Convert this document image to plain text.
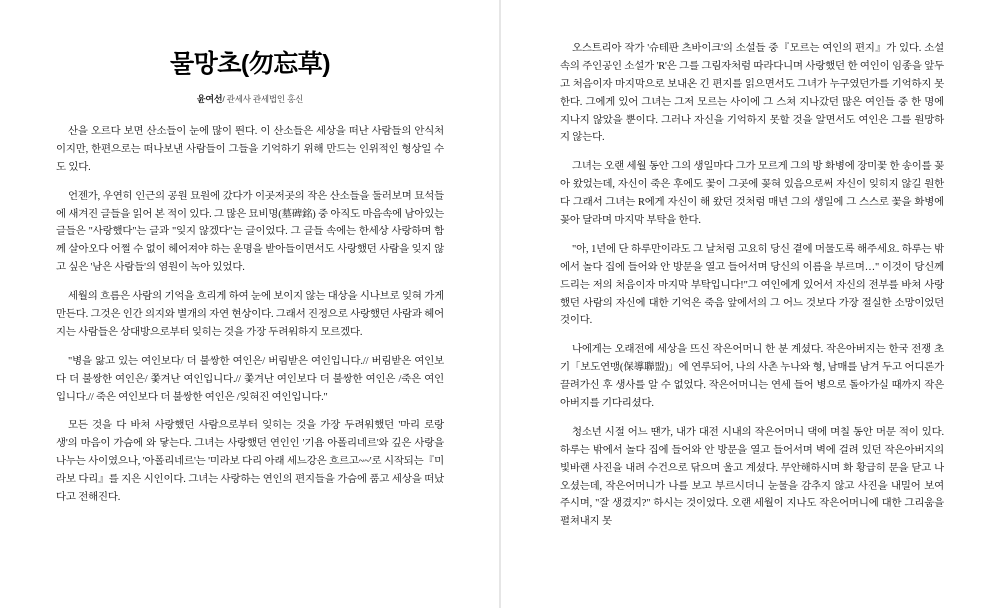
물망초(勿忘草)
윤여선/ 관세사 관세법인 홍신

산을 오르다 보면 산소들이 눈에 많이 띈다. 이 산소들은 세상을 떠난 사람들의 안식처이지만, 한편으로는 떠나보낸 사람들이 그들을 기억하기 위해 만드는 인위적인 형상일 수도 있다.

언젠가, 우연히 인근의 공원 묘원에 갔다가 이곳저곳의 작은 산소들을 둘러보며 묘석들에 새겨진 글들을 읽어 본 적이 있다. 그 많은 묘비명(墓碑銘) 중 아직도 마음속에 남아있는 글들은 "사랑했다"는 글과 "잊지 않겠다"는 글이었다. 그 글들 속에는 한세상 사랑하며 함께 살아오다 어쩔 수 없이 헤어져야 하는 운명을 받아들이면서도 사랑했던 사람을 잊지 않고 싶은 '남은 사람들'의 염원이 녹아 있었다.

세월의 흐름은 사람의 기억을 흐리게 하여 눈에 보이지 않는 대상을 시나브로 잊혀 가게 만든다. 그것은 인간 의지와 별개의 자연 현상이다. 그래서 진정으로 사랑했던 사람과 헤어지는 사람들은 상대방으로부터 잊히는 것을 가장 두려워하지 모르겠다.

"병을 앓고 있는 여인보다/ 더 불쌍한 여인은/ 버림받은 여인입니다.// 버림받은 여인보다 더 불쌍한 여인은/ 쫓겨난 여인입니다.// 쫓겨난 여인보다 더 불쌍한 여인은 /죽은 여인입니다.// 죽은 여인보다 더 불쌍한 여인은 /잊혀진 여인입니다."

모든 것을 다 바쳐 사랑했던 사람으로부터 잊히는 것을 가장 두려워했던 '마리 로랑생'의 마음이 가슴에 와 닿는다. 그녀는 사랑했던 연인인 '기욤 아폴리네르'와 깊은 사랑을 나누는 사이였으나, '아폴리네르'는 '미라보 다리 아래 세느강은 흐르고~~'로 시작되는『미라보 다리』를 지은 시인이다. 그녀는 사랑하는 연인의 편지들을 가슴에 품고 세상을 떠났다고 전해진다.

오스트리아 작가 '슈테판 츠바이크'의 소설들 중『모르는 여인의 편지』가 있다. 소설 속의 주인공인 소설가 'R'은 그를 그림자처럼 따라다니며 사랑했던 한 여인이 임종을 앞두고 처음이자 마지막으로 보내온 긴 편지를 읽으면서도 그녀가 누구였던가를 기억하지 못한다. 그에게 있어 그녀는 그저 모르는 사이에 그 스쳐 지나갔던 많은 여인들 중 한 명에 지나지 않았을 뿐이다. 그러나 자신을 기억하지 못할 것을 알면서도 여인은 그를 원망하지 않는다.

그녀는 오랜 세월 동안 그의 생일마다 그가 모르게 그의 방 화병에 장미꽃 한 송이를 꽂아 왔었는데, 자신이 죽은 후에도 꽃이 그곳에 꽂혀 있음으로써 자신이 잊히지 않길 원한다 그래서 그녀는 R에게 자신이 해 왔던 것처럼 매년 그의 생일에 그 스스로 꽃을 화병에 꽂아 달라며 마지막 부탁을 한다.

"아, 1년에 단 하루만이라도 그 날처럼 고요히 당신 곁에 머물도록 해주세요. 하루는 밖에서 놀다 집에 들어와 안 방문을 열고 들어서며 당신의 이름을 부르며…" 이것이 당신께 드리는 저의 처음이자 마지막 부탁입니다!"그 여인에게 있어서 자신의 전부를 바쳐 사랑했던 사람의 자신에 대한 기억은 죽음 앞에서의 그 어느 것보다 가장 절실한 소망이었던 것이다.

나에게는 오래전에 세상을 뜨신 작은어머니 한 분 계셨다. 작은아버지는 한국 전쟁 초기「보도연맹(保導聯盟)」에 연루되어, 나의 사촌 누나와 형, 남매를 남겨 두고 어디론가 끌려가신 후 생사를 알 수 없었다. 작은어머니는 연세 들어 병으로 돌아가실 때까지 작은아버지를 기다리셨다.

청소년 시절 어느 땐가, 내가 대전 시내의 작은어머니 댁에 며칠 동안 머문 적이 있다. 하루는 밖에서 놀다 집에 들어와 안 방문을 열고 들어서며 벽에 걸려 있던 작은아버지의 빛바랜 사진을 내려 수건으로 닦으며 울고 계셨다. 무안해하시며 화 황급히 문을 닫고 나오셨는데, 작은어머니가 나를 보고 부르시더니 눈물을 감추지 않고 사진을 내밀어 보여 주시며, "잘 생겼지?" 하시는 것이었다. 오랜 세월이 지나도 작은어머니에 대한 그리움을 펼쳐내지 못
